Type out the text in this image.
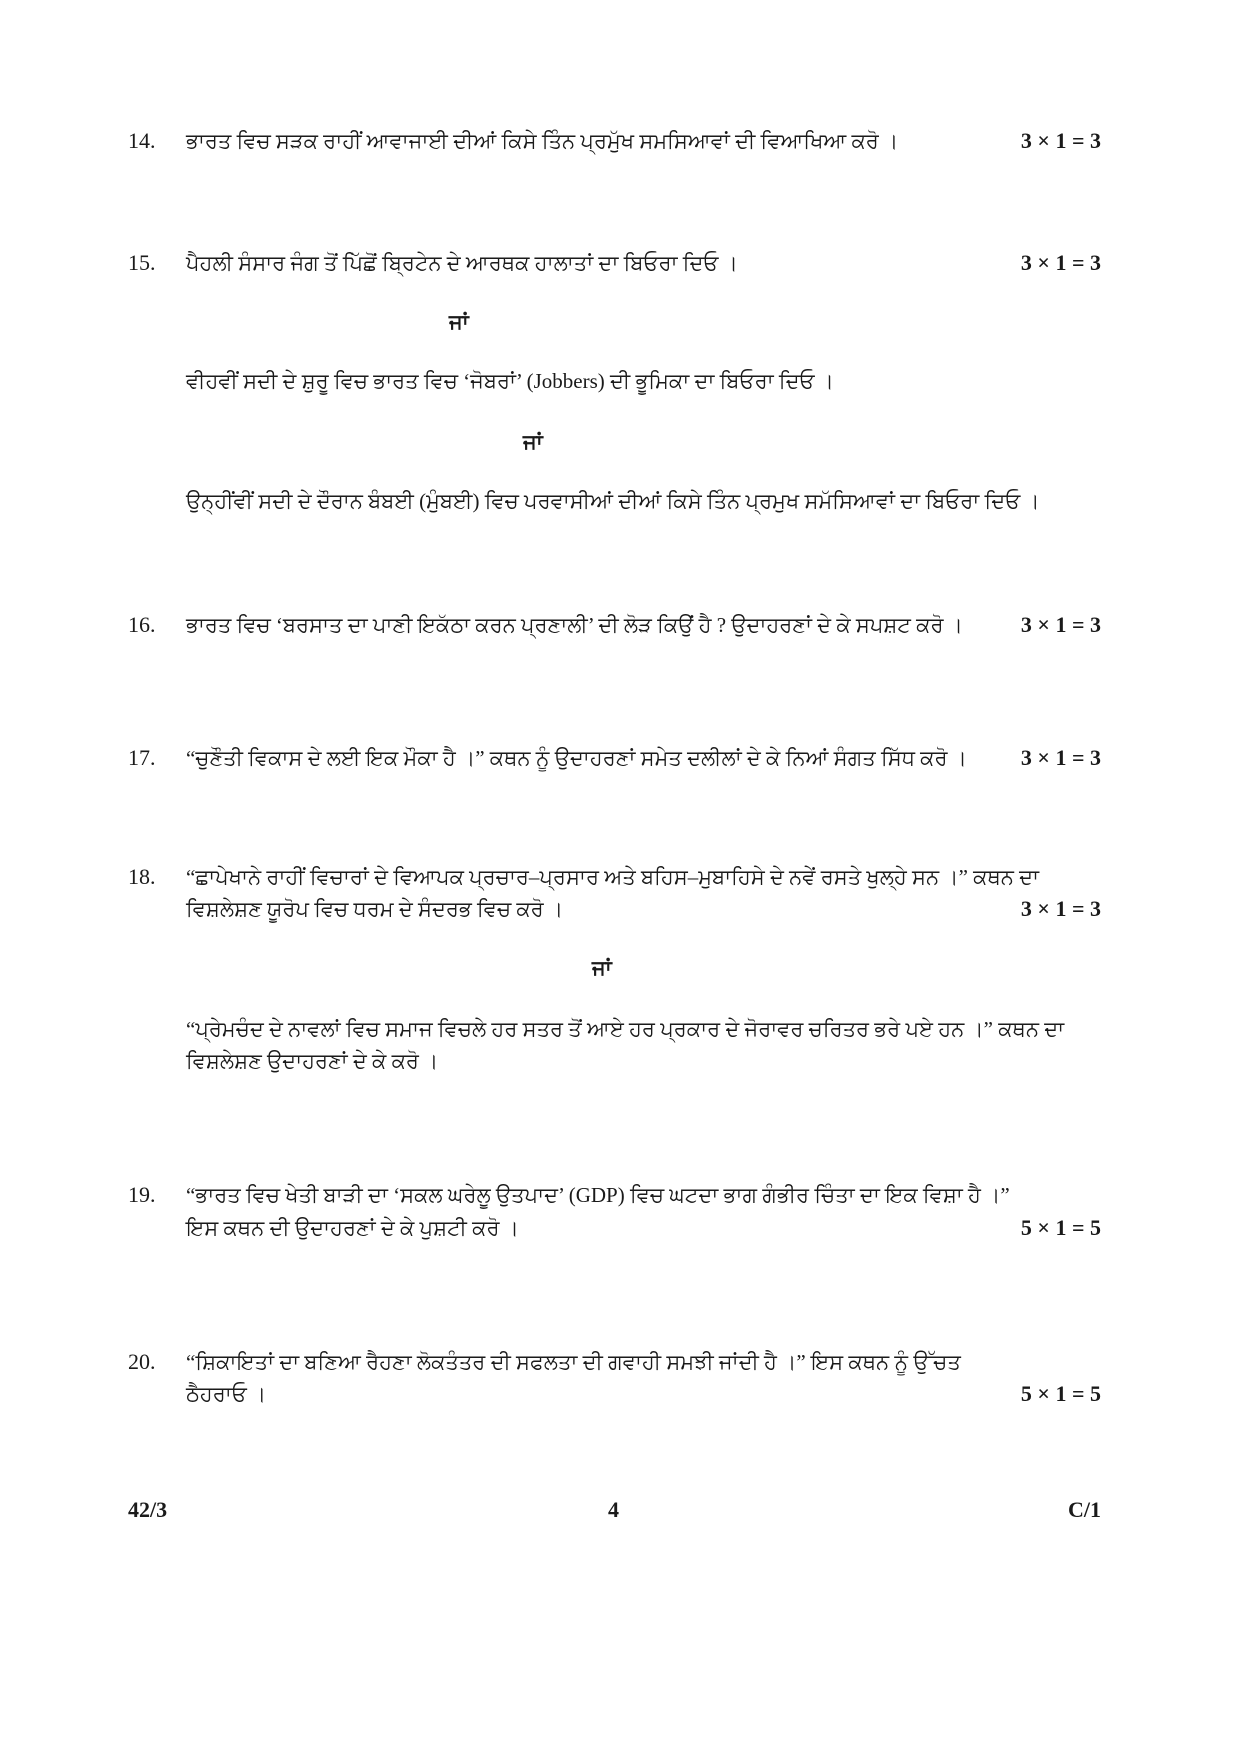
14. ਭਾਰਤ ਵਿਚ ਸੜਕ ਰਾਹੀਂ ਆਵਾਜਾਈ ਦੀਆਂ ਕਿਸੇ ਤਿੰਨ ਪ੍ਰਮੁੱਖ ਸਮਸਿਆਵਾਂ ਦੀ ਵਿਆਖਿਆ ਕਰੋ ।	3 × 1 = 3
15. ਪੈਹਲੀ ਸੰਸਾਰ ਜੰਗ ਤੋਂ ਪਿੱਛੋਂ ਬ੍ਰਿਟੇਨ ਦੇ ਆਰਥਕ ਹਾਲਾਤਾਂ ਦਾ ਬਿਓਰਾ ਦਿਓ ।	3 × 1 = 3
ਜਾਂ
ਵੀਹਵੀਂ ਸਦੀ ਦੇ ਸ਼ੁਰੂ ਵਿਚ ਭਾਰਤ ਵਿਚ ‘ਜੋਬਰਾਂ’ (Jobbers) ਦੀ ਭੂਮਿਕਾ ਦਾ ਬਿਓਰਾ ਦਿਓ ।
ਜਾਂ
ਉਨ੍ਹੀਂਵੀਂ ਸਦੀ ਦੇ ਦੌਰਾਨ ਬੰਬਈ (ਮੁੰਬਈ) ਵਿਚ ਪਰਵਾਸੀਆਂ ਦੀਆਂ ਕਿਸੇ ਤਿੰਨ ਪ੍ਰਮੁਖ ਸਮੱਸਿਆਵਾਂ ਦਾ ਬਿਓਰਾ ਦਿਓ ।
16. ਭਾਰਤ ਵਿਚ ‘ਬਰਸਾਤ ਦਾ ਪਾਣੀ ਇਕੱਠਾ ਕਰਨ ਪ੍ਰਣਾਲੀ’ ਦੀ ਲੋੜ ਕਿਉਂ ਹੈ ? ਉਦਾਹਰਣਾਂ ਦੇ ਕੇ ਸਪਸ਼ਟ ਕਰੋ ।	3 × 1 = 3
17. “ਚੁਣੌਤੀ ਵਿਕਾਸ ਦੇ ਲਈ ਇਕ ਮੌਕਾ ਹੈ ।” ਕਥਨ ਨੂੰ ਉਦਾਹਰਣਾਂ ਸਮੇਤ ਦਲੀਲਾਂ ਦੇ ਕੇ ਨਿਆਂ ਸੰਗਤ ਸਿੱਧ ਕਰੋ । 3 × 1 = 3
18. “ਛਾਪੇਖਾਨੇ ਰਾਹੀਂ ਵਿਚਾਰਾਂ ਦੇ ਵਿਆਪਕ ਪ੍ਰਚਾਰ–ਪ੍ਰਸਾਰ ਅਤੇ ਬਹਿਸ–ਮੁਬਾਹਿਸੇ ਦੇ ਨਵੇਂ ਰਸਤੇ ਖੁਲ੍ਹੇ ਸਨ ।” ਕਥਨ ਦਾ
ਵਿਸ਼ਲੇਸ਼ਣ ਯੂਰੋਪ ਵਿਚ ਧਰਮ ਦੇ ਸੰਦਰਭ ਵਿਚ ਕਰੋ ।	3 × 1 = 3
ਜਾਂ
“ਪ੍ਰੇਮਚੰਦ ਦੇ ਨਾਵਲਾਂ ਵਿਚ ਸਮਾਜ ਵਿਚਲੇ ਹਰ ਸਤਰ ਤੋਂ ਆਏ ਹਰ ਪ੍ਰਕਾਰ ਦੇ ਜੋਰਾਵਰ ਚਰਿਤਰ ਭਰੇ ਪਏ ਹਨ ।” ਕਥਨ ਦਾ
ਵਿਸ਼ਲੇਸ਼ਣ ਉਦਾਹਰਣਾਂ ਦੇ ਕੇ ਕਰੋ ।
19. “ਭਾਰਤ ਵਿਚ ਖੇਤੀ ਬਾੜੀ ਦਾ ‘ਸਕਲ ਘਰੇਲੂ ਉਤਪਾਦ’ (GDP) ਵਿਚ ਘਟਦਾ ਭਾਗ ਗੰਭੀਰ ਚਿੰਤਾ ਦਾ ਇਕ ਵਿਸ਼ਾ ਹੈ ।”
ਇਸ ਕਥਨ ਦੀ ਉਦਾਹਰਣਾਂ ਦੇ ਕੇ ਪੁਸ਼ਟੀ ਕਰੋ ।	5 × 1 = 5
20. “ਸ਼ਿਕਾਇਤਾਂ ਦਾ ਬਣਿਆ ਰੈਹਣਾ ਲੋਕਤੰਤਰ ਦੀ ਸਫਲਤਾ ਦੀ ਗਵਾਹੀ ਸਮਝੀ ਜਾਂਦੀ ਹੈ ।” ਇਸ ਕਥਨ ਨੂੰ ਉੱਚਤ
ਠੈਹਰਾਓ ।	5 × 1 = 5
42/3	4	C/1
